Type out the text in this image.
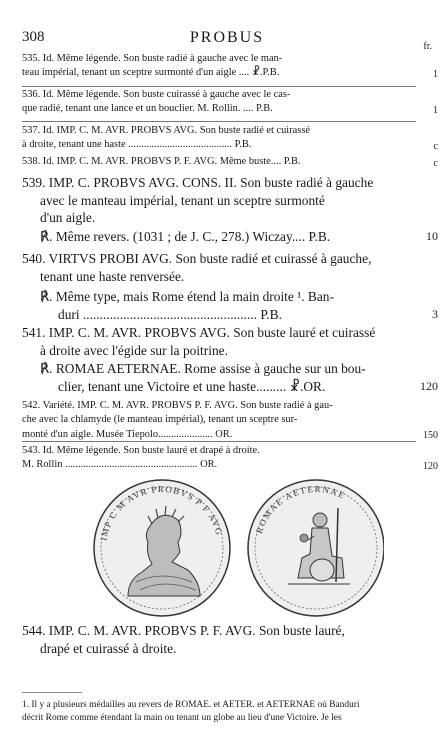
308	PROBUS
fr.
535. Id. Même légende. Son buste radié à gauche avec le man-
teau impérial, tenant un sceptre surmonté d'un aigle .... ☧.P.B.	1
536. Id. Même légende. Son buste cuirassé à gauche avec le cas-
que radié, tenant une lance et un bouclier. M. Rollin. .... P.B.	1
537. Id. IMP. C. M. AVR. PROBVS AVG. Son buste radié et cuirassé
à droite, tenant une haste ........................................ P.B.	c
538. Id. IMP. C. M. AVR. PROBVS P. F. AVG. Même buste.... P.B.	c
539. IMP. C. PROBVS AVG. CONS. II. Son buste radié à gauche
avec le manteau impérial, tenant un sceptre surmonté
d'un aigle.
℟. Même revers. (1031 ; de J. C., 278.) Wiczay.... P.B.	10
540. VIRTVS PROBI AVG. Son buste radié et cuirassé à gauche,
tenant une haste renversée.
℟. Même type, mais Rome étend la main droite ¹. Ban-
duri .................................................... P.B.	3
541. IMP. C. M. AVR. PROBVS AVG. Son buste lauré et cuirassé
à droite avec l'égide sur la poitrine.
℟. ROMAE AETERNAE. Rome assise à gauche sur un bou-
clier, tenant une Victoire et une haste......... ☧.OR.	120
542. Variété. IMP. C. M. AVR. PROBVS P. F. AVG. Son buste radié à gau-
che avec la chlamyde (le manteau impérial), tenant un sceptre sur-
monté d'un aigle. Musée Tiepolo..................... OR.	150
543. Id. Même légende. Son buste lauré et drapé à droite.
M. Rollin ................................................... OR.	120
IMP C M AVR PROBVS P F AVG	ROMAE AETERNAE
544. IMP. C. M. AVR. PROBVS P. F. AVG. Son buste lauré,
drapé et cuirassé à droite.
1. Il y a plusieurs médailles au revers de ROMAE. et AETER. et AETERNAE où Banduri
décrit Rome comme étendant la main ou tenant un globe au lieu d'une Victoire. Je les
